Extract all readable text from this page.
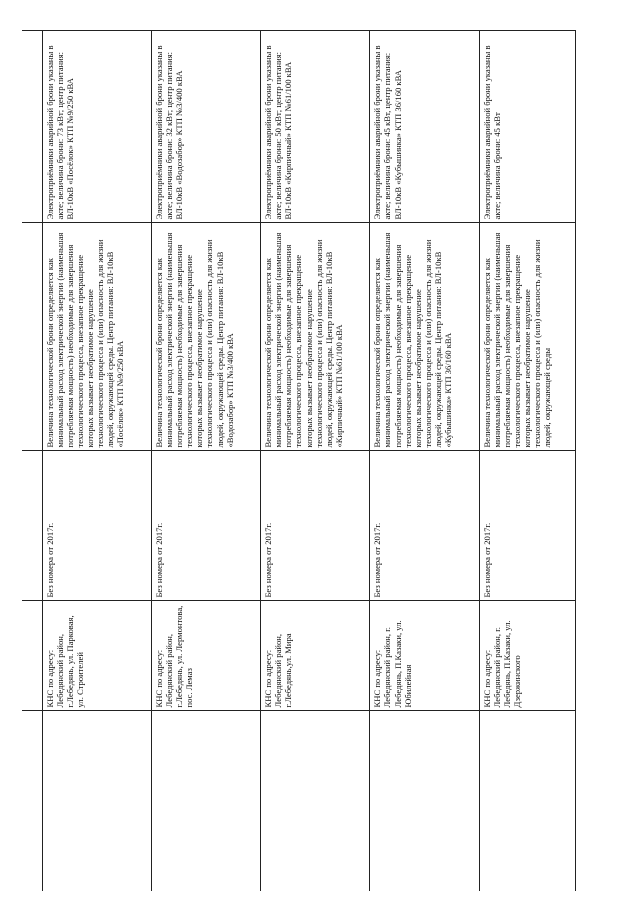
	КНС по адресу: Лебедянский район, г.Лебедянь, ул. Парковая, ул. Строителей	Без номера от 2017г.	Величина технологической брони определяется как минимальный расход электрической энергии (наименьшая потребляемая мощность) необходимые для завершения технологического процесса, внезапное прекращение которых вызывает необратимое нарушение технологического процесса и (или) опасность для жизни людей, окружающей среды. Центр питания: ВЛ-10кВ «Посёлок» КТП №9/250 кВА	Электроприёмники аварийной брони указаны в акте; величина брони: 73 кВт; центр питания: ВЛ-10кВ «Посёлок» КТП №9/250 кВА
	КНС по адресу: Лебедянский район, г.Лебедянь, ул. Лермонтова, пос. Лемаз	Без номера от 2017г.	Величина технологической брони определяется как минимальный расход электрической энергии (наименьшая потребляемая мощность) необходимые для завершения технологического процесса, внезапное прекращение которых вызывает необратимое нарушение технологического процесса и (или) опасность для жизни людей, окружающей среды. Центр питания: ВЛ-10кВ «Водозабор» КТП №3/400 кВА	Электроприёмники аварийной брони указаны в акте; величина брони: 32 кВт; центр питания: ВЛ-10кВ «Водозабор» КТП №3/400 кВА
	КНС по адресу: Лебедянский район, г.Лебедянь,ул. Мира	Без номера от 2017г.	Величина технологической брони определяется как минимальный расход электрической энергии (наименьшая потребляемая мощность) необходимые для завершения технологического процесса, внезапное прекращение которых вызывает необратимое нарушение технологического процесса и (или) опасность для жизни людей, окружающей среды. Центр питания: ВЛ-10кВ «Кирпичный» КТП №61/100 кВА	Электроприёмники аварийной брони указаны в акте; величина брони: 50 кВт; центр питания: ВЛ-10кВ «Кирпичный» КТП №61/100 кВА
	КНС по адресу: Лебедянский район, г. Лебедянь, П.Казаки, ул. Юбилейная	Без номера от 2017г.	Величина технологической брони определяется как минимальный расход электрической энергии (наименьшая потребляемая мощность) необходимые для завершения технологического процесса, внезапное прекращение которых вызывает необратимое нарушение технологического процесса и (или) опасность для жизни людей, окружающей среды. Центр питания: ВЛ-10кВ «Кубышинка» КТП 36/160 кВА	Электроприёмники аварийной брони указаны в акте; величина брони: 45 кВт, центр питания: ВЛ-10кВ «Кубышинка» КТП 36/160 кВА
	КНС по адресу: Лебедянский район, г. Лебедянь, П.Казаки, ул. Дзержинского	Без номера от 2017г.	Величина технологической брони определяется как минимальный расход электрической энергии (наименьшая потребляемая мощность) необходимые для завершения технологического процесса, внезапное прекращение которых вызывает необратимое нарушение технологического процесса и (или) опасность для жизни людей, окружающей среды	Электроприёмники аварийной брони указаны в акте; величина брони: 45 кВт
